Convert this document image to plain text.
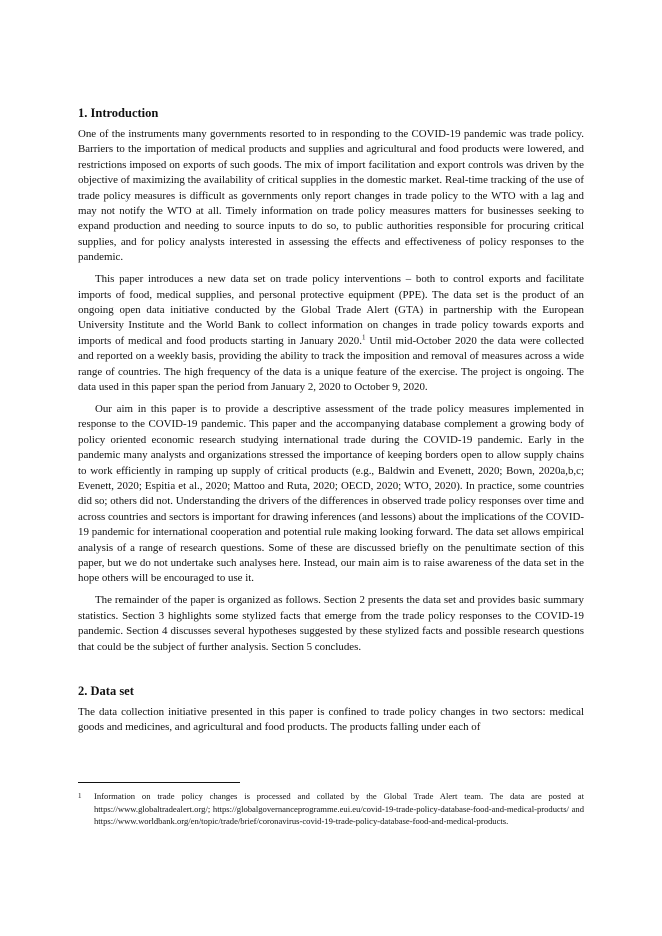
1. Introduction

One of the instruments many governments resorted to in responding to the COVID-19 pandemic was trade policy. Barriers to the importation of medical products and supplies and agricultural and food products were lowered, and restrictions imposed on exports of such goods. The mix of import facilitation and export controls was driven by the objective of maximizing the availability of critical supplies in the domestic market. Real-time tracking of the use of trade policy measures is difficult as governments only report changes in trade policy to the WTO with a lag and may not notify the WTO at all. Timely information on trade policy measures matters for businesses seeking to expand production and needing to source inputs to do so, to public authorities responsible for procuring critical supplies, and for policy analysts interested in assessing the effects and effectiveness of policy responses to the pandemic.

This paper introduces a new data set on trade policy interventions – both to control exports and facilitate imports of food, medical supplies, and personal protective equipment (PPE). The data set is the product of an ongoing open data initiative conducted by the Global Trade Alert (GTA) in partnership with the European University Institute and the World Bank to collect information on changes in trade policy towards exports and imports of medical and food products starting in January 2020.$^1$ Until mid-October 2020 the data were collected and reported on a weekly basis, providing the ability to track the imposition and removal of measures across a wide range of countries. The high frequency of the data is a unique feature of the exercise. The project is ongoing. The data used in this paper span the period from January 2, 2020 to October 9, 2020.

Our aim in this paper is to provide a descriptive assessment of the trade policy measures implemented in response to the COVID-19 pandemic. This paper and the accompanying database complement a growing body of policy oriented economic research studying international trade during the COVID-19 pandemic. Early in the pandemic many analysts and organizations stressed the importance of keeping borders open to allow supply chains to work efficiently in ramping up supply of critical products (e.g., Baldwin and Evenett, 2020; Bown, 2020a,b,c; Evenett, 2020; Espitia et al., 2020; Mattoo and Ruta, 2020; OECD, 2020; WTO, 2020). In practice, some countries did so; others did not. Understanding the drivers of the differences in observed trade policy responses over time and across countries and sectors is important for drawing inferences (and lessons) about the implications of the COVID-19 pandemic for international cooperation and potential rule making looking forward. The data set allows empirical analysis of a range of research questions. Some of these are discussed briefly on the penultimate section of this paper, but we do not undertake such analyses here. Instead, our main aim is to raise awareness of the data set in the hope others will be encouraged to use it.

The remainder of the paper is organized as follows. Section 2 presents the data set and provides basic summary statistics. Section 3 highlights some stylized facts that emerge from the trade policy responses to the COVID-19 pandemic. Section 4 discusses several hypotheses suggested by these stylized facts and possible research questions that could be the subject of further analysis. Section 5 concludes.

2. Data set

The data collection initiative presented in this paper is confined to trade policy changes in two sectors: medical goods and medicines, and agricultural and food products. The products falling under each of

1 Information on trade policy changes is processed and collated by the Global Trade Alert team. The data are posted at https://www.globaltradealert.org/; https://globalgovernanceprogramme.eui.eu/covid-19-trade-policy-database-food-and-medical-products/ and https://www.worldbank.org/en/topic/trade/brief/coronavirus-covid-19-trade-policy-database-food-and-medical-products.
